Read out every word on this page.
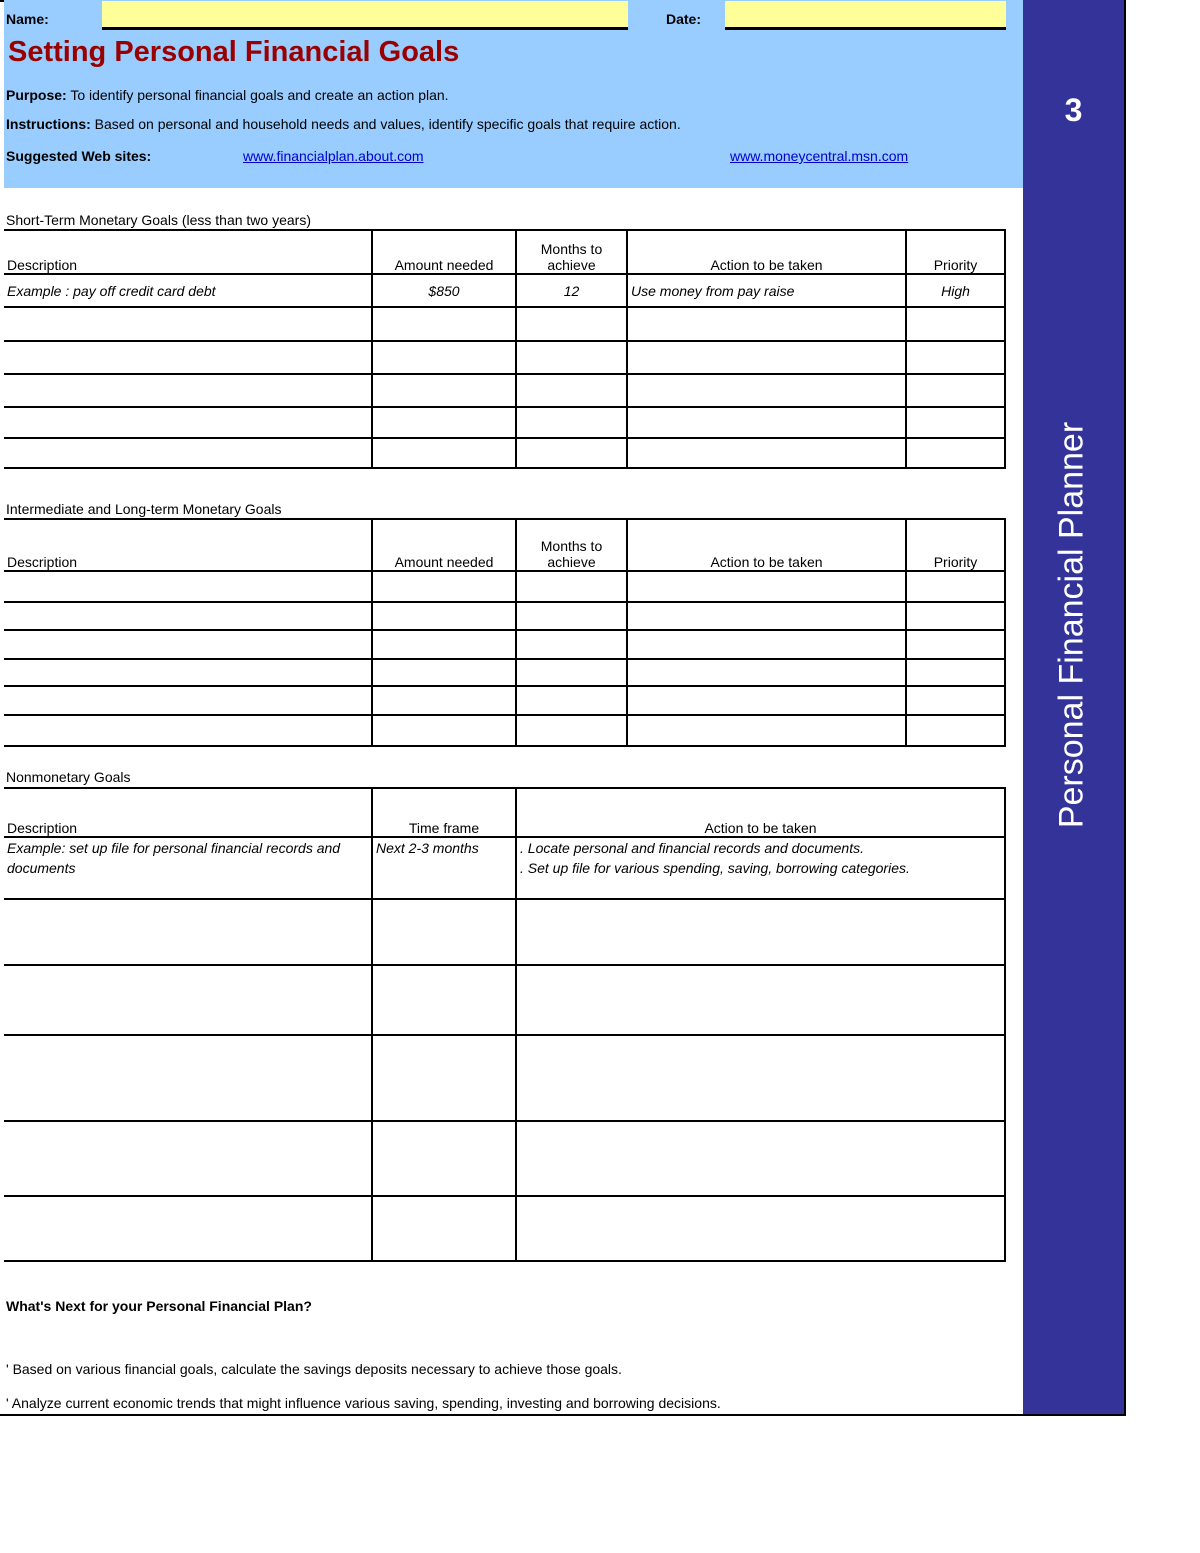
3
Personal Financial Planner
Name:	Date:
Setting Personal Financial Goals
Purpose: To identify personal financial goals and create an action plan.
Instructions: Based on personal and household needs and values, identify specific goals that require action.
Suggested Web sites:	www.financialplan.about.com	www.moneycentral.msn.com
Short-Term Monetary Goals (less than two years)
Description	Amount needed	Months to achieve	Action to be taken	Priority
Example : pay off credit card debt	$850	12	Use money from pay raise	High

Intermediate and Long-term Monetary Goals
Description	Amount needed	Months to achieve	Action to be taken	Priority

Nonmonetary Goals
Description	Time frame	Action to be taken
Example: set up file for personal financial records and documents	Next 2-3 months	. Locate personal and financial records and documents.
. Set up file for various spending, saving, borrowing categories.

What's Next for your Personal Financial Plan?
' Based on various financial goals, calculate the savings deposits necessary to achieve those goals.
' Analyze current economic trends that might influence various saving, spending, investing and borrowing decisions.
